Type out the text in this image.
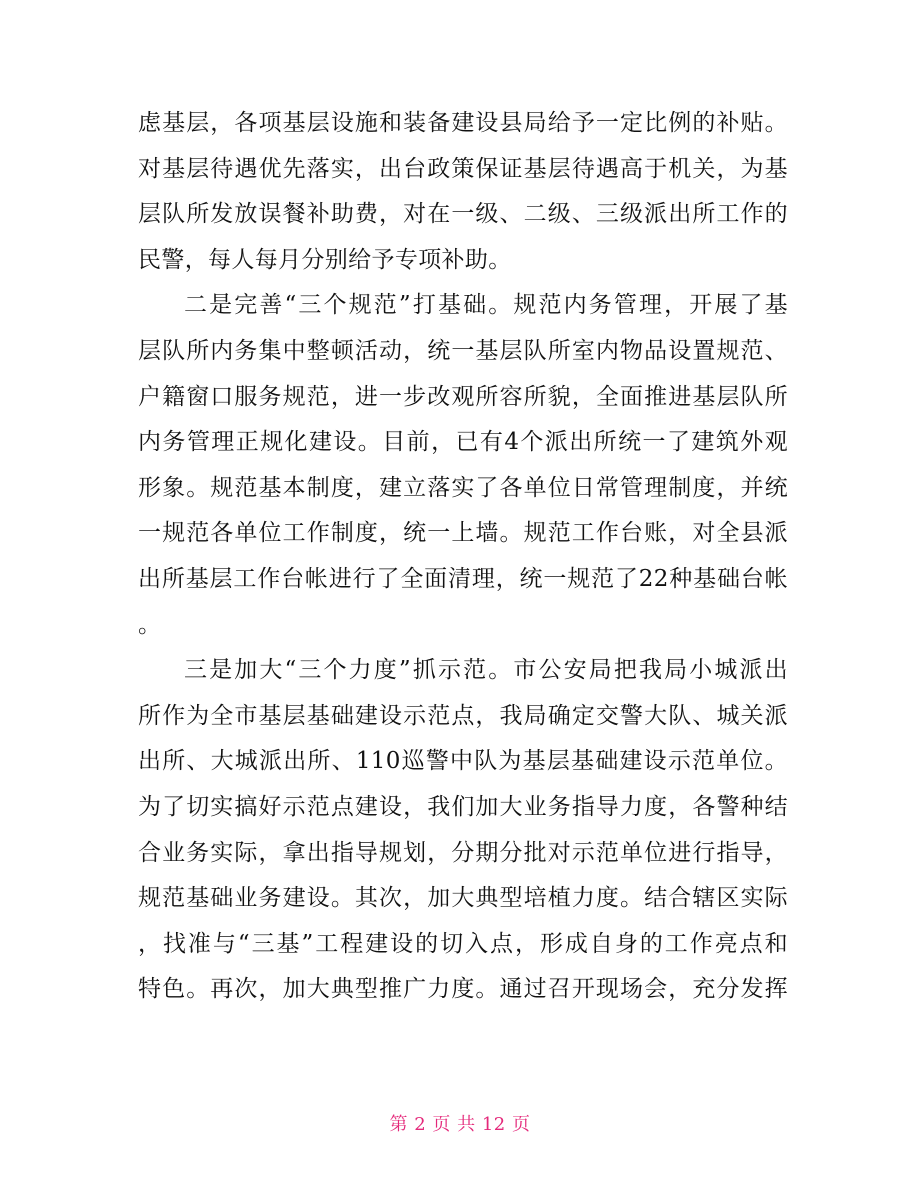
虑基层，各项基层设施和装备建设县局给予一定比例的补贴。
对基层待遇优先落实，出台政策保证基层待遇高于机关，为基
层队所发放误餐补助费，对在一级、二级、三级派出所工作的
民警，每人每月分别给予专项补助。
二是完善“三个规范”打基础。规范内务管理，开展了基
层队所内务集中整顿活动，统一基层队所室内物品设置规范、
户籍窗口服务规范，进一步改观所容所貌，全面推进基层队所
内务管理正规化建设。目前，已有4个派出所统一了建筑外观
形象。规范基本制度，建立落实了各单位日常管理制度，并统
一规范各单位工作制度，统一上墙。规范工作台账，对全县派
出所基层工作台帐进行了全面清理，统一规范了22种基础台帐
。
三是加大“三个力度”抓示范。市公安局把我局小城派出
所作为全市基层基础建设示范点，我局确定交警大队、城关派
出所、大城派出所、110巡警中队为基层基础建设示范单位。
为了切实搞好示范点建设，我们加大业务指导力度，各警种结
合业务实际，拿出指导规划，分期分批对示范单位进行指导，
规范基础业务建设。其次，加大典型培植力度。结合辖区实际
，找准与“三基”工程建设的切入点，形成自身的工作亮点和
特色。再次，加大典型推广力度。通过召开现场会，充分发挥
第 2 页 共 12 页
